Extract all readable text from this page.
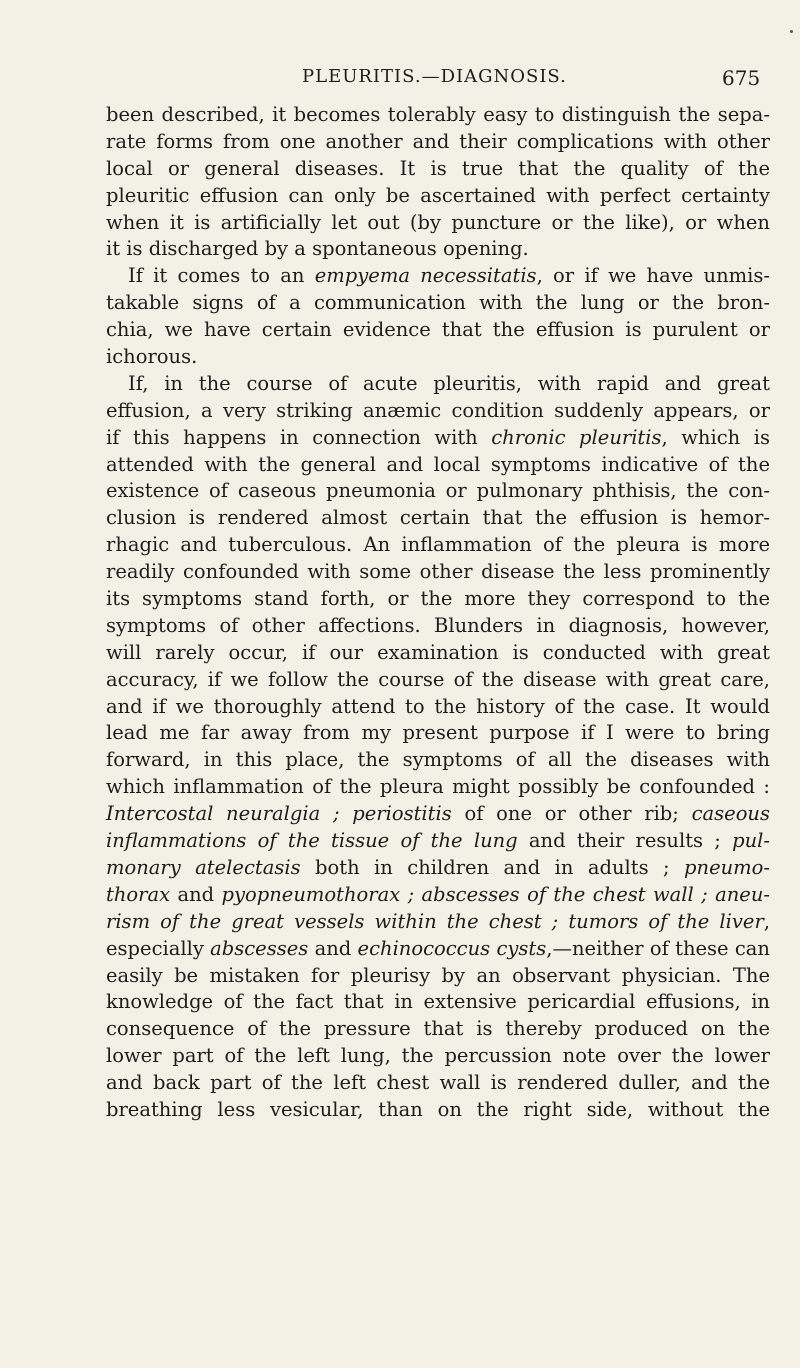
PLEURITIS.—DIAGNOSIS.	675
been described, it becomes tolerably easy to distinguish the sepa-
rate forms from one another and their complications with other
local or general diseases. It is true that the quality of the
pleuritic effusion can only be ascertained with perfect certainty
when it is artificially let out (by puncture or the like), or when
it is discharged by a spontaneous opening.
If it comes to an empyema necessitatis, or if we have unmis-
takable signs of a communication with the lung or the bron-
chia, we have certain evidence that the effusion is purulent or
ichorous.
If, in the course of acute pleuritis, with rapid and great
effusion, a very striking anæmic condition suddenly appears, or
if this happens in connection with chronic pleuritis, which is
attended with the general and local symptoms indicative of the
existence of caseous pneumonia or pulmonary phthisis, the con-
clusion is rendered almost certain that the effusion is hemor-
rhagic and tuberculous. An inflammation of the pleura is more
readily confounded with some other disease the less prominently
its symptoms stand forth, or the more they correspond to the
symptoms of other affections. Blunders in diagnosis, however,
will rarely occur, if our examination is conducted with great
accuracy, if we follow the course of the disease with great care,
and if we thoroughly attend to the history of the case. It would
lead me far away from my present purpose if I were to bring
forward, in this place, the symptoms of all the diseases with
which inflammation of the pleura might possibly be confounded :
Intercostal neuralgia ; periostitis of one or other rib; caseous
inflammations of the tissue of the lung and their results ; pul-
monary atelectasis both in children and in adults ; pneumo-
thorax and pyopneumothorax ; abscesses of the chest wall ; aneu-
rism of the great vessels within the chest ; tumors of the liver,
especially abscesses and echinococcus cysts,—neither of these can
easily be mistaken for pleurisy by an observant physician. The
knowledge of the fact that in extensive pericardial effusions, in
consequence of the pressure that is thereby produced on the
lower part of the left lung, the percussion note over the lower
and back part of the left chest wall is rendered duller, and the
breathing less vesicular, than on the right side, without the
